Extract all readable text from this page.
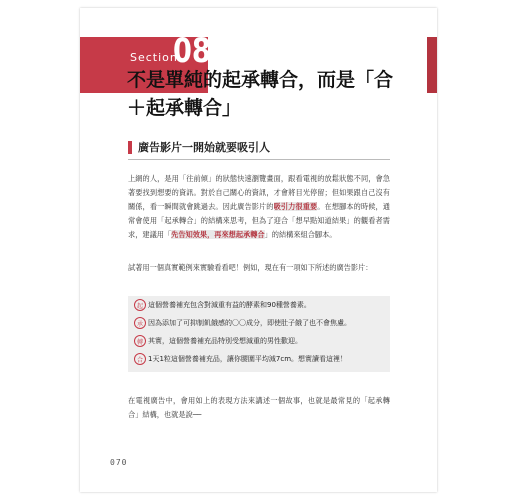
Section
08
不是單純的起承轉合，而是「合
＋起承轉合」
廣告影片一開始就要吸引人

上網的人，是用「往前傾」的狀態快速瀏覽畫面，跟看電視的放鬆狀態不同，會急著要找到想要的資訊。對於自己關心的資訊，才會將目光停留；但如果跟自己沒有關係，看一瞬間就會跳過去。因此廣告影片的吸引力很重要。在想腳本的時候，通常會使用「起承轉合」的結構來思考，但為了迎合「想早點知道結果」的觀看者需求，建議用「先告知效果，再來想起承轉合」的結構來組合腳本。

試著用一個真實範例來實驗看看吧！例如，現在有一項如下所述的廣告影片：

起 這個營養補充包含對減重有益的酵素和90種營養素。
承 因為添加了可抑制飢餓感的〇〇成分，即使肚子餓了也不會焦慮。
轉 其實，這個營養補充品特別受想減重的男性歡迎。
合 1天1粒這個營養補充品，讓你腰圍平均減7cm。想實讀看這裡！

在電視廣告中，會用如上的表現方法來講述一個故事，也就是最常見的「起承轉合」結構，也就是說──

070
